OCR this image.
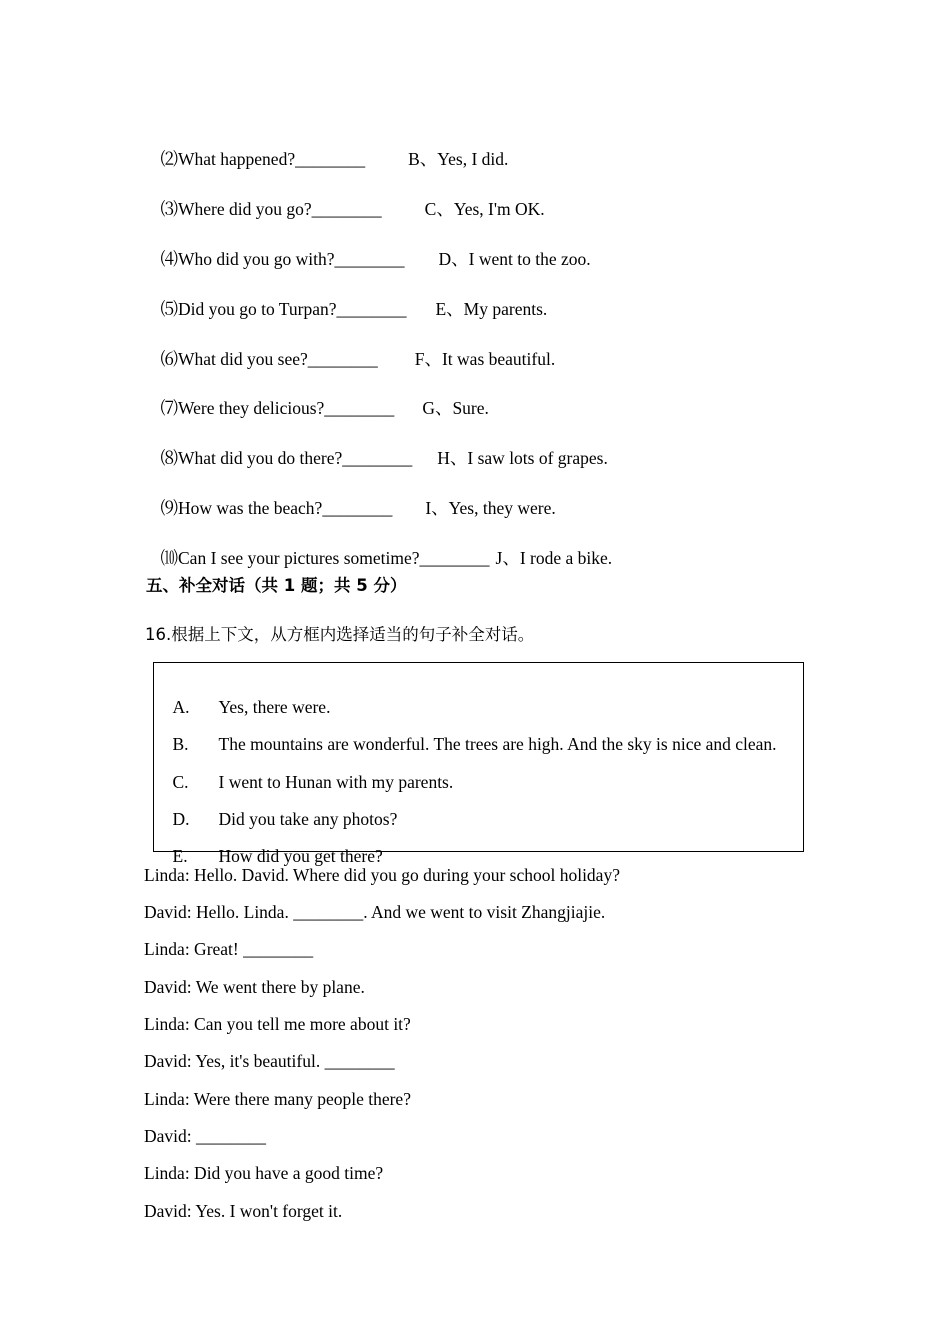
⑵What happened?________ B、Yes, I did.

⑶Where did you go?________ C、Yes, I'm OK.

⑷Who did you go with?________ D、I went to the zoo.

⑸Did you go to Turpan?________ E、My parents.

⑹What did you see?________ F、It was beautiful.

⑺Were they delicious?________ G、Sure.

⑻What did you do there?________ H、I saw lots of grapes.

⑼How was the beach?________ I、Yes, they were.

⑽Can I see your pictures sometime?________ J、I rode a bike.

五、补全对话（共 1 题；共 5 分）
16.根据上下文，从方框内选择适当的句子补全对话。

A. Yes, there were.

B. The mountains are wonderful. The trees are high. And the sky is nice and clean.

C. I went to Hunan with my parents.

D. Did you take any photos?

E. How did you get there?

Linda: Hello. David. Where did you go during your school holiday?
David: Hello. Linda. ________. And we went to visit Zhangjiajie.
Linda: Great! ________
David: We went there by plane.
Linda: Can you tell me more about it?
David: Yes, it's beautiful. ________
Linda: Were there many people there?
David: ________
Linda: Did you have a good time?
David: Yes. I won't forget it.
